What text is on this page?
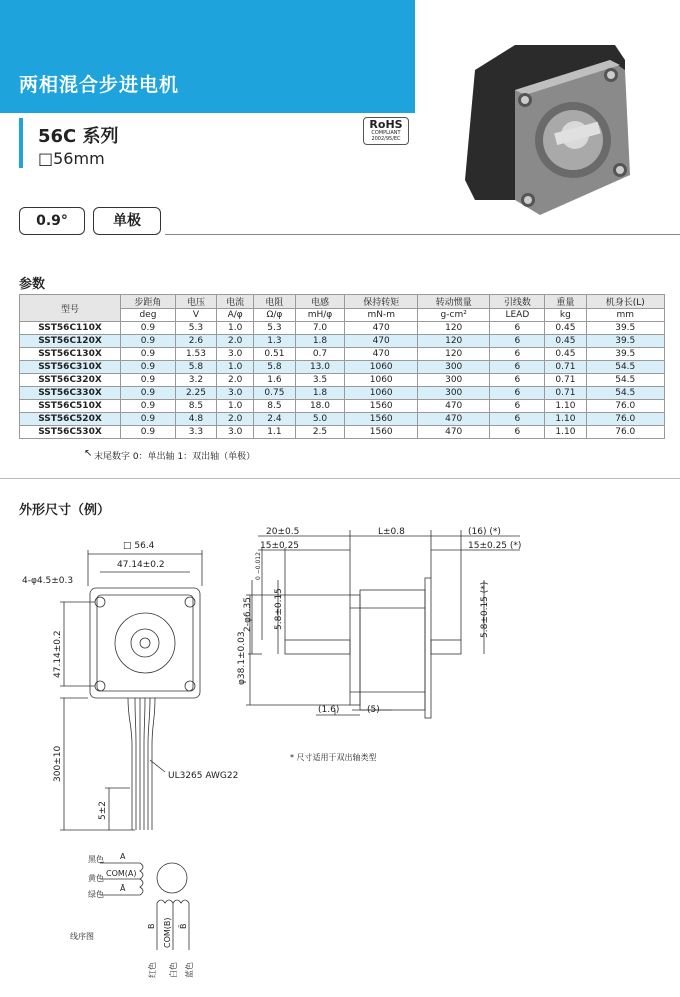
两相混合步进电机
56C 系列
□56mm
RoHS
COMPLIANT
2002/95/EC
0.9°	单极
参数
型号	步距角	电压	电流	电阻	电感	保持转矩	转动惯量	引线数	重量	机身长(L)
	deg	V	A/φ	Ω/φ	mH/φ	mN-m	g-cm²	LEAD	kg	mm
SST56C110X	0.9	5.3	1.0	5.3	7.0	470	120	6	0.45	39.5
SST56C120X	0.9	2.6	2.0	1.3	1.8	470	120	6	0.45	39.5
SST56C130X	0.9	1.53	3.0	0.51	0.7	470	120	6	0.45	39.5
SST56C310X	0.9	5.8	1.0	5.8	13.0	1060	300	6	0.71	54.5
SST56C320X	0.9	3.2	2.0	1.6	3.5	1060	300	6	0.71	54.5
SST56C330X	0.9	2.25	3.0	0.75	1.8	1060	300	6	0.71	54.5
SST56C510X	0.9	8.5	1.0	8.5	18.0	1560	470	6	1.10	76.0
SST56C520X	0.9	4.8	2.0	2.4	5.0	1560	470	6	1.10	76.0
SST56C530X	0.9	3.3	3.0	1.1	2.5	1560	470	6	1.10	76.0
↖ 末尾数字 0：单出轴 1：双出轴（单极）
外形尺寸（例）
□ 56.4
47.14±0.2
4-φ4.5±0.3
47.14±0.2
300±10
5±2
UL3265 AWG22
20±0.5
15±0.25
L±0.8	(16) (*)
15±0.25 (*)
2-φ6.35
0 −0.012
5.8±0.15
φ38.1±0.03
5.8±0.15 (*)
(1.6)	(5)
* 尺寸适用于双出轴类型
黑色 A
黄色
COM(A)
绿色
Ā
线序图
红色
B
白色
COM(B)
蓝色
B̄
